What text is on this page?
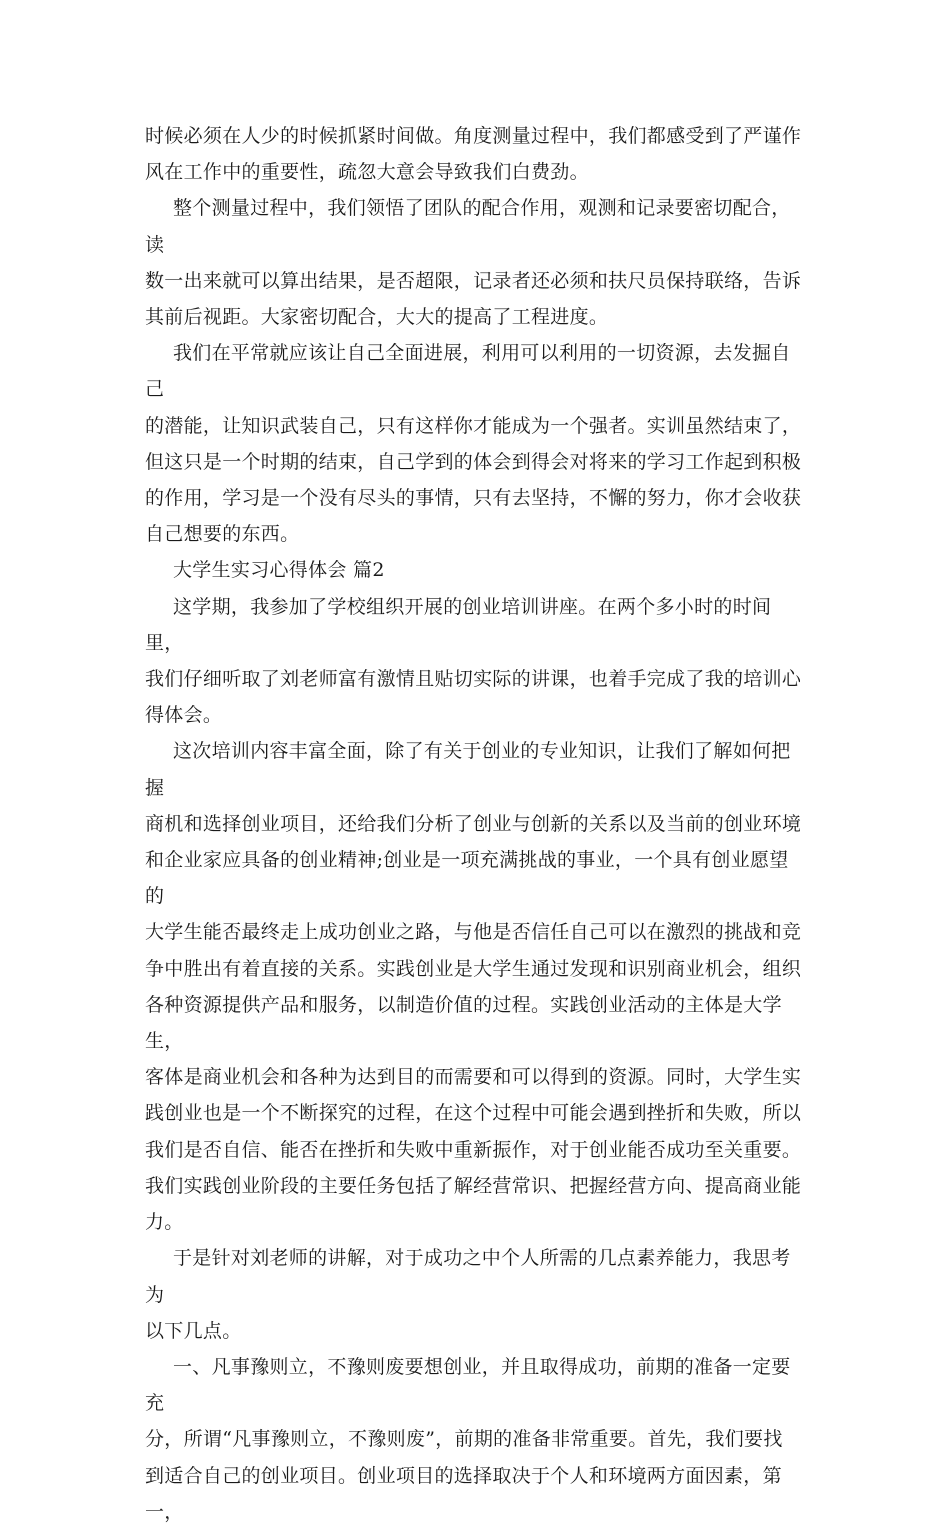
时候必须在人少的时候抓紧时间做。角度测量过程中，我们都感受到了严谨作
风在工作中的重要性，疏忽大意会导致我们白费劲。

整个测量过程中，我们领悟了团队的配合作用，观测和记录要密切配合，读
数一出来就可以算出结果，是否超限，记录者还必须和扶尺员保持联络，告诉
其前后视距。大家密切配合，大大的提高了工程进度。

我们在平常就应该让自己全面进展，利用可以利用的一切资源，去发掘自己
的潜能，让知识武装自己，只有这样你才能成为一个强者。实训虽然结束了，
但这只是一个时期的结束，自己学到的体会到得会对将来的学习工作起到积极
的作用，学习是一个没有尽头的事情，只有去坚持，不懈的努力，你才会收获
自己想要的东西。

大学生实习心得体会 篇2

这学期，我参加了学校组织开展的创业培训讲座。在两个多小时的时间里，
我们仔细听取了刘老师富有激情且贴切实际的讲课，也着手完成了我的培训心
得体会。

这次培训内容丰富全面，除了有关于创业的专业知识，让我们了解如何把握
商机和选择创业项目，还给我们分析了创业与创新的关系以及当前的创业环境
和企业家应具备的创业精神;创业是一项充满挑战的事业，一个具有创业愿望的
大学生能否最终走上成功创业之路，与他是否信任自己可以在激烈的挑战和竞
争中胜出有着直接的关系。实践创业是大学生通过发现和识别商业机会，组织
各种资源提供产品和服务，以制造价值的过程。实践创业活动的主体是大学生，
客体是商业机会和各种为达到目的而需要和可以得到的资源。同时，大学生实
践创业也是一个不断探究的过程，在这个过程中可能会遇到挫折和失败，所以
我们是否自信、能否在挫折和失败中重新振作，对于创业能否成功至关重要。
我们实践创业阶段的主要任务包括了解经营常识、把握经营方向、提高商业能
力。

于是针对刘老师的讲解，对于成功之中个人所需的几点素养能力，我思考为
以下几点。

一、凡事豫则立，不豫则废要想创业，并且取得成功，前期的准备一定要充
分，所谓“凡事豫则立，不豫则废”，前期的准备非常重要。首先，我们要找
到适合自己的创业项目。创业项目的选择取决于个人和环境两方面因素，第一，
